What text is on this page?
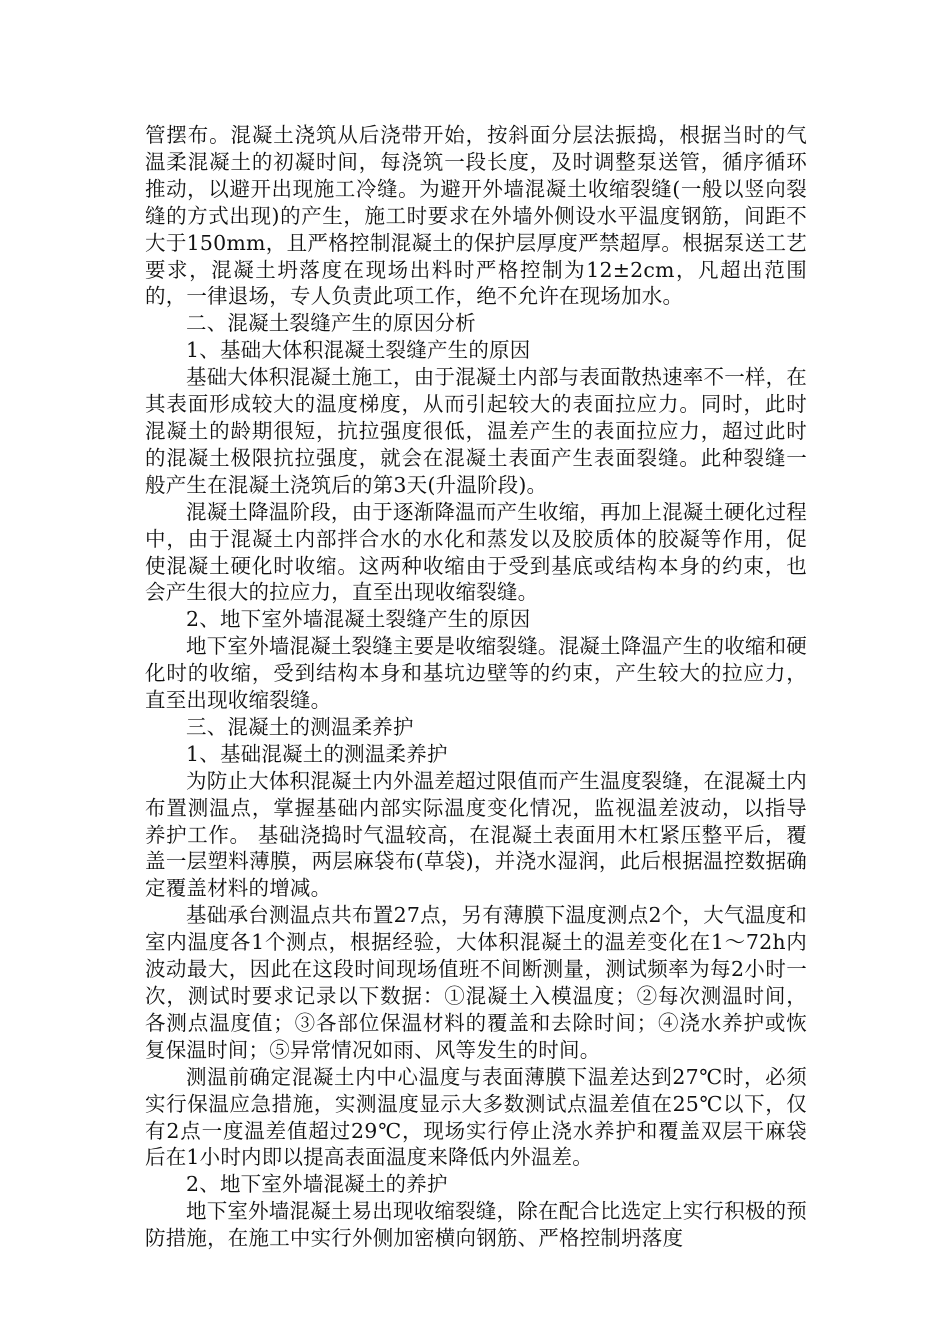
管摆布。混凝土浇筑从后浇带开始，按斜面分层法振捣，根据当时的气温柔混凝土的初凝时间，每浇筑一段长度，及时调整泵送管，循序循环推动，以避开出现施工冷缝。为避开外墙混凝土收缩裂缝(一般以竖向裂缝的方式出现)的产生，施工时要求在外墙外侧设水平温度钢筋，间距不大于150mm，且严格控制混凝土的保护层厚度严禁超厚。根据泵送工艺要求，混凝土坍落度在现场出料时严格控制为12±2cm，凡超出范围的，一律退场，专人负责此项工作，绝不允许在现场加水。

二、混凝土裂缝产生的原因分析

1、基础大体积混凝土裂缝产生的原因

基础大体积混凝土施工，由于混凝土内部与表面散热速率不一样，在其表面形成较大的温度梯度，从而引起较大的表面拉应力。同时，此时混凝土的龄期很短，抗拉强度很低，温差产生的表面拉应力，超过此时的混凝土极限抗拉强度，就会在混凝土表面产生表面裂缝。此种裂缝一般产生在混凝土浇筑后的第3天(升温阶段)。

混凝土降温阶段，由于逐渐降温而产生收缩，再加上混凝土硬化过程中，由于混凝土内部拌合水的水化和蒸发以及胶质体的胶凝等作用，促使混凝土硬化时收缩。这两种收缩由于受到基底或结构本身的约束，也会产生很大的拉应力，直至出现收缩裂缝。

2、地下室外墙混凝土裂缝产生的原因

地下室外墙混凝土裂缝主要是收缩裂缝。混凝土降温产生的收缩和硬化时的收缩，受到结构本身和基坑边壁等的约束，产生较大的拉应力，直至出现收缩裂缝。

三、混凝土的测温柔养护

1、基础混凝土的测温柔养护

为防止大体积混凝土内外温差超过限值而产生温度裂缝，在混凝土内布置测温点，掌握基础内部实际温度变化情况，监视温差波动，以指导养护工作。 基础浇捣时气温较高，在混凝土表面用木杠紧压整平后，覆盖一层塑料薄膜，两层麻袋布(草袋)，并浇水湿润，此后根据温控数据确定覆盖材料的增减。

基础承台测温点共布置27点，另有薄膜下温度测点2个，大气温度和室内温度各1个测点，根据经验，大体积混凝土的温差变化在1～72h内波动最大，因此在这段时间现场值班不间断测量，测试频率为每2小时一次，测试时要求记录以下数据：①混凝土入模温度；②每次测温时间，各测点温度值；③各部位保温材料的覆盖和去除时间；④浇水养护或恢复保温时间；⑤异常情况如雨、风等发生的时间。

测温前确定混凝土内中心温度与表面薄膜下温差达到27℃时，必须实行保温应急措施，实测温度显示大多数测试点温差值在25℃以下，仅有2点一度温差值超过29℃，现场实行停止浇水养护和覆盖双层干麻袋后在1小时内即以提高表面温度来降低内外温差。

2、地下室外墙混凝土的养护

地下室外墙混凝土易出现收缩裂缝，除在配合比选定上实行积极的预防措施，在施工中实行外侧加密横向钢筋、严格控制坍落度
